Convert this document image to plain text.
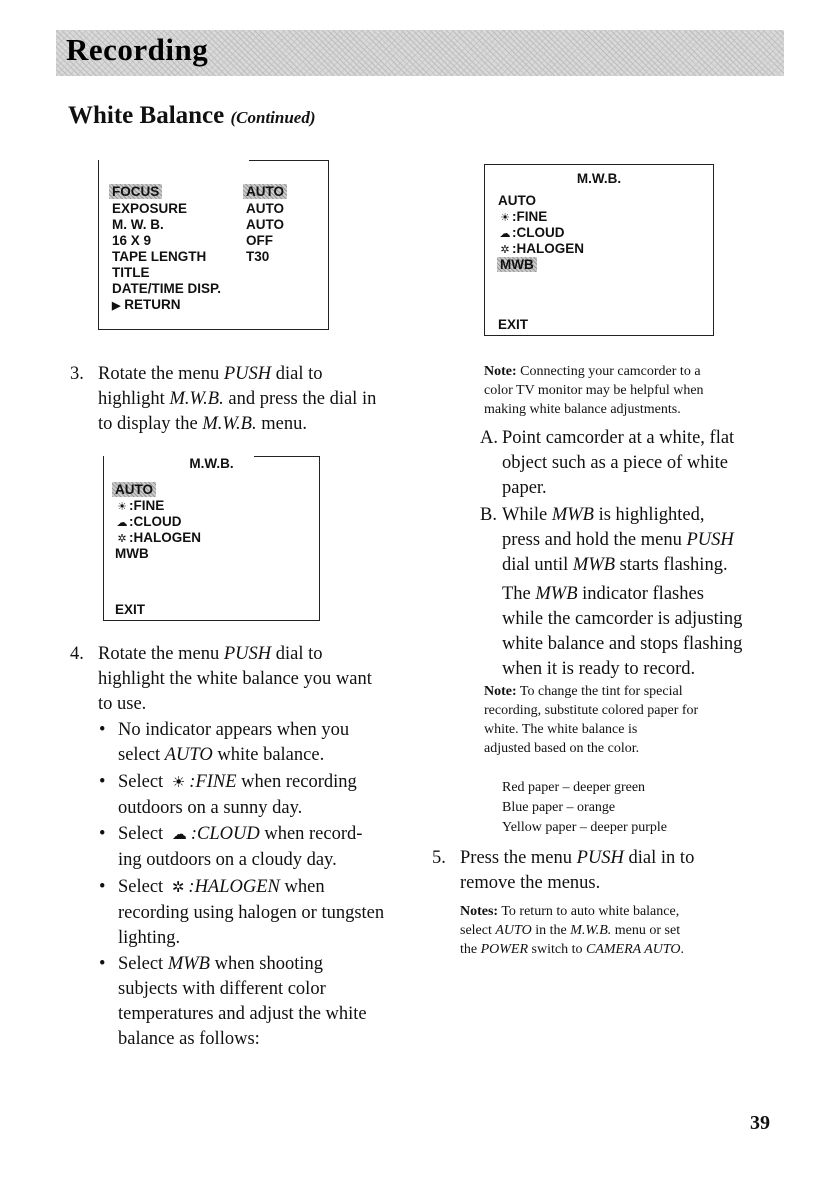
Recording
White Balance (Continued)
FOCUS	AUTO
EXPOSURE	AUTO
M. W. B.	AUTO
16 X 9	OFF
TAPE LENGTH	T30
TITLE
DATE/TIME DISP.
▶ RETURN
M.W.B.
AUTO
☀ :FINE
☁ :CLOUD
✲ :HALOGEN
MWB
EXIT
3. Rotate the menu PUSH dial to
highlight M.W.B. and press the dial in
to display the M.W.B. menu.
M.W.B.
AUTO
☀ :FINE
☁ :CLOUD
✲ :HALOGEN
MWB
EXIT
4. Rotate the menu PUSH dial to
highlight the white balance you want
to use.
• No indicator appears when you
select AUTO white balance.
• Select ☀ :FINE when recording
outdoors on a sunny day.
• Select ☁ :CLOUD when record-
ing outdoors on a cloudy day.
• Select ✲ :HALOGEN when
recording using halogen or tungsten
lighting.
• Select MWB when shooting
subjects with different color
temperatures and adjust the white
balance as follows:
Note: Connecting your camcorder to a
color TV monitor may be helpful when
making white balance adjustments.
A. Point camcorder at a white, flat
object such as a piece of white
paper.
B. While MWB is highlighted,
press and hold the menu PUSH
dial until MWB starts flashing.
The MWB indicator flashes
while the camcorder is adjusting
white balance and stops flashing
when it is ready to record.
Note: To change the tint for special
recording, substitute colored paper for
white. The white balance is
adjusted based on the color.
Red paper – deeper green
Blue paper – orange
Yellow paper – deeper purple
5. Press the menu PUSH dial in to
remove the menus.
Notes: To return to auto white balance,
select AUTO in the M.W.B. menu or set
the POWER switch to CAMERA AUTO.
39
